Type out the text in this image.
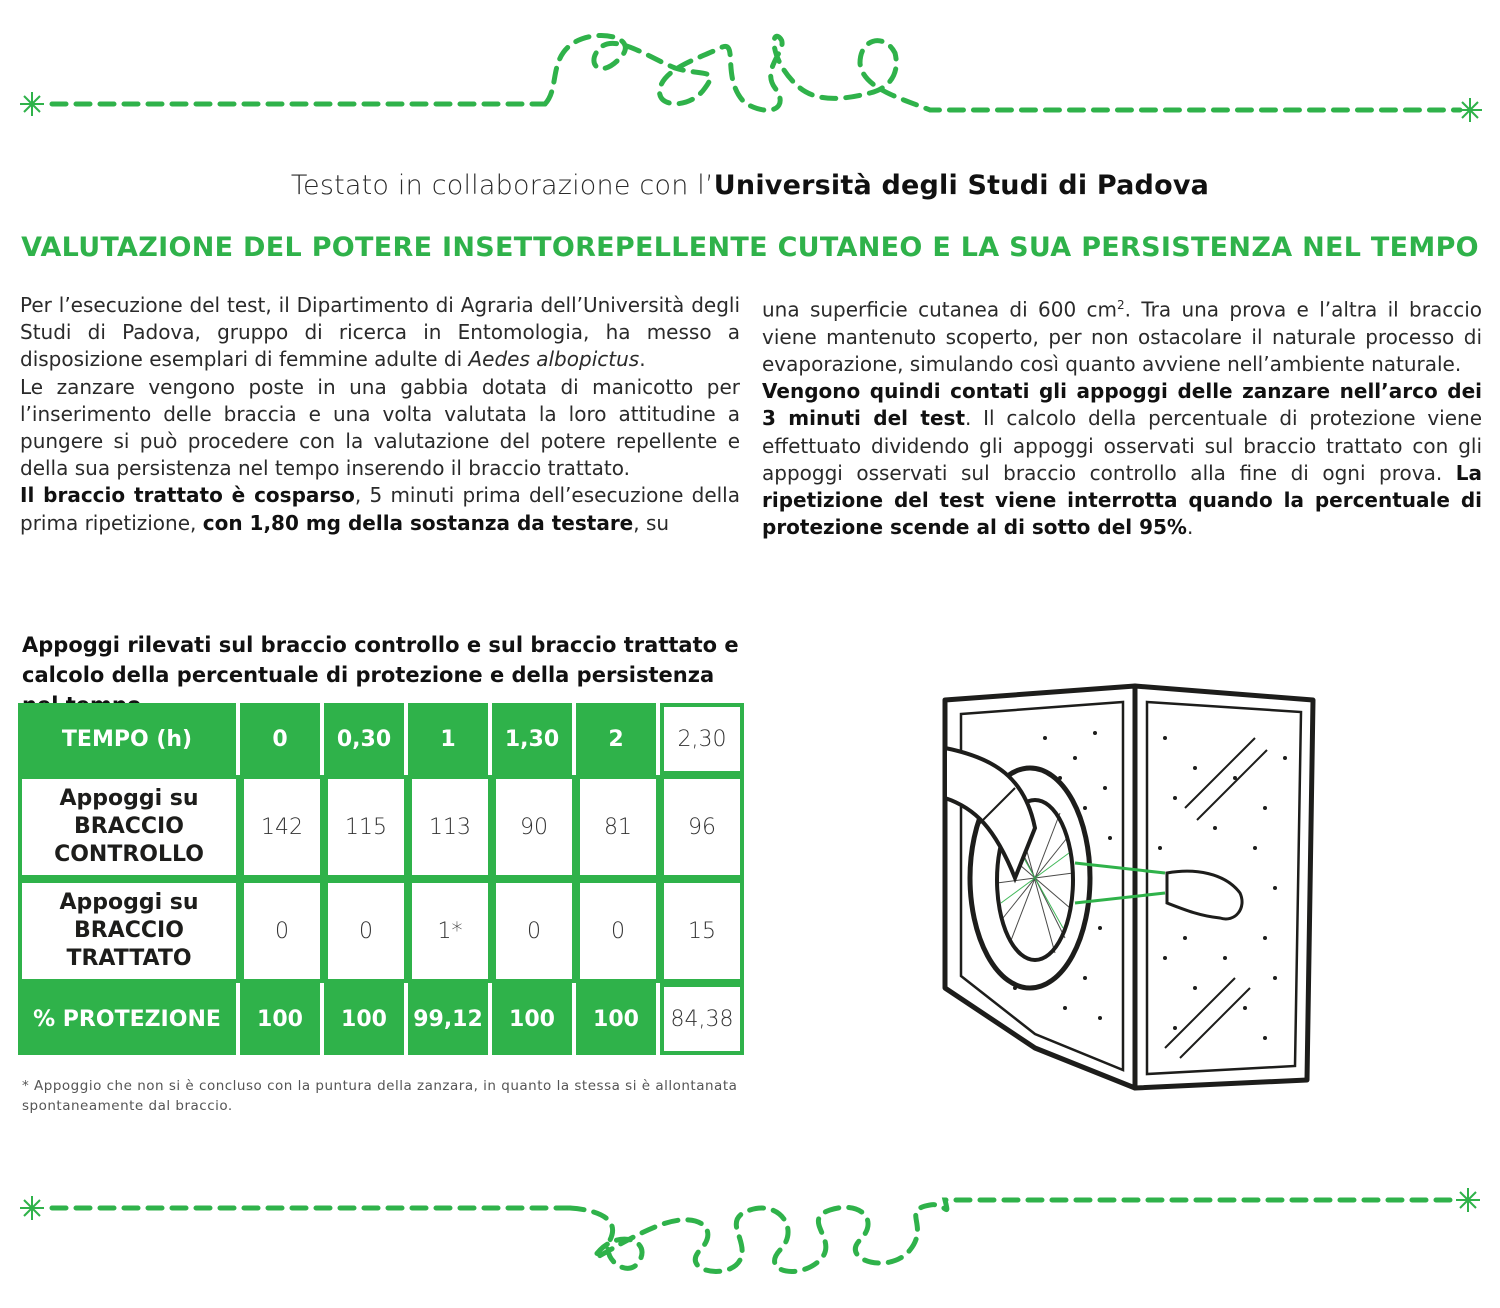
Testato in collaborazione con l’Università degli Studi di Padova
VALUTAZIONE DEL POTERE INSETTOREPELLENTE CUTANEO E LA SUA PERSISTENZA NEL TEMPO
Per l’esecuzione del test, il Dipartimento di Agraria dell’Università degli Studi di Padova, gruppo di ricerca in Entomologia, ha messo a disposizione esemplari di femmine adulte di Aedes albopictus.
Le zanzare vengono poste in una gabbia dotata di manicotto per l’inserimento delle braccia e una volta valutata la loro attitudine a pungere si può procedere con la valutazione del potere repellente e della sua persistenza nel tempo inserendo il braccio trattato.
Il braccio trattato è cosparso, 5 minuti prima dell’esecuzione della prima ripetizione, con 1,80 mg della sostanza da testare, su
una superficie cutanea di 600 $cm^2$. Tra una prova e l’altra il braccio viene mantenuto scoperto, per non ostacolare il naturale processo di evaporazione, simulando così quanto avviene nell’ambiente naturale.
Vengono quindi contati gli appoggi delle zanzare nell’arco dei 3 minuti del test. Il calcolo della percentuale di protezione viene effettuato dividendo gli appoggi osservati sul braccio trattato con gli appoggi osservati sul braccio controllo alla fine di ogni prova. La ripetizione del test viene interrotta quando la percentuale di protezione scende al di sotto del 95%.
Appoggi rilevati sul braccio controllo e sul braccio trattato e calcolo della percentuale di protezione e della persistenza
TEMPO (h)	0	0,30	1	1,30	2	2,30
Appoggi su
BRACCIO
CONTROLLO	142	115	113	90	81	96
Appoggi su
BRACCIO
TRATTATO	0	0	1*	0	0	15
% PROTEZIONE	100	100	99,12	100	100	84,38
* Appoggio che non si è concluso con la puntura della zanzara, in quanto la stessa si è allontanata spontaneamente dal braccio.
